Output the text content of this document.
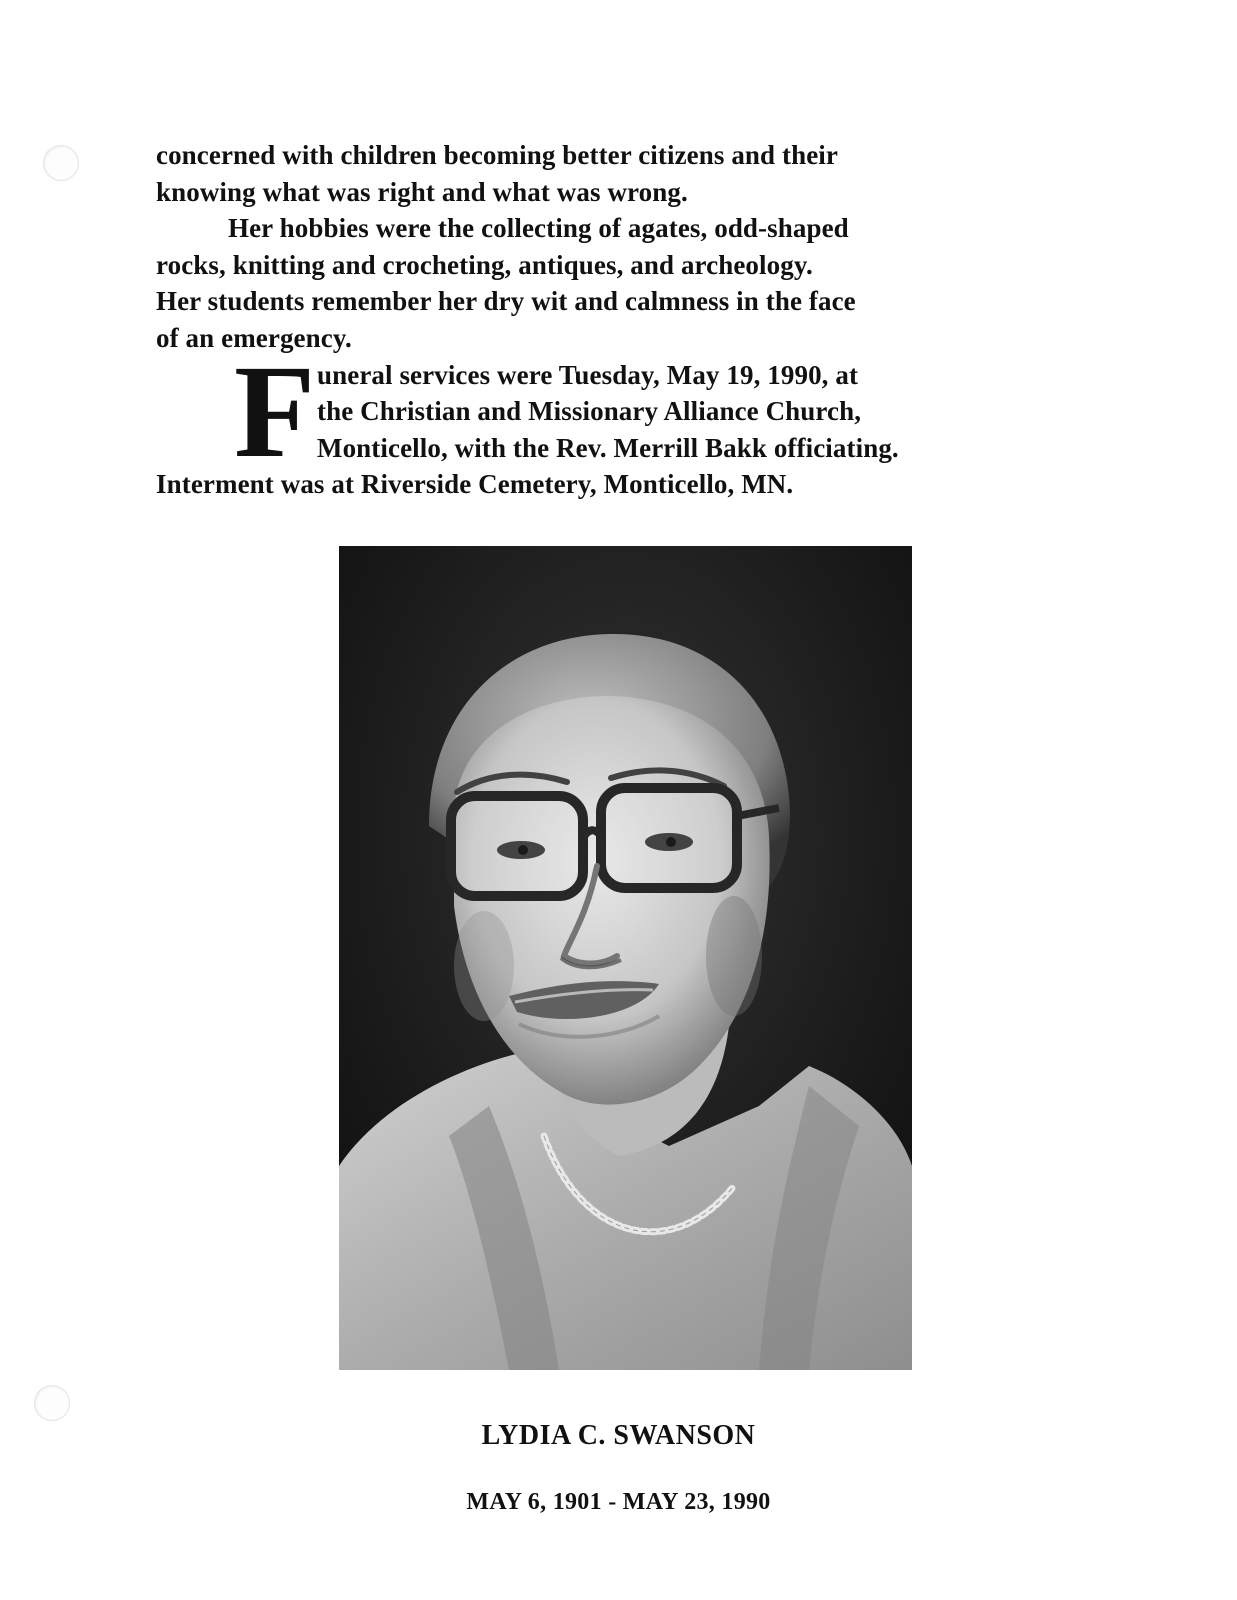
concerned with children becoming better citizens and their
knowing what was right and what was wrong.

Her hobbies were the collecting of agates, odd-shaped
rocks, knitting and crocheting, antiques, and archeology.
Her students remember her dry wit and calmness in the face
of an emergency.

F uneral services were Tuesday, May 19, 1990, at
the Christian and Missionary Alliance Church,
Monticello, with the Rev. Merrill Bakk officiating.
Interment was at Riverside Cemetery, Monticello, MN.

LYDIA C. SWANSON
MAY 6, 1901 - MAY 23, 1990
